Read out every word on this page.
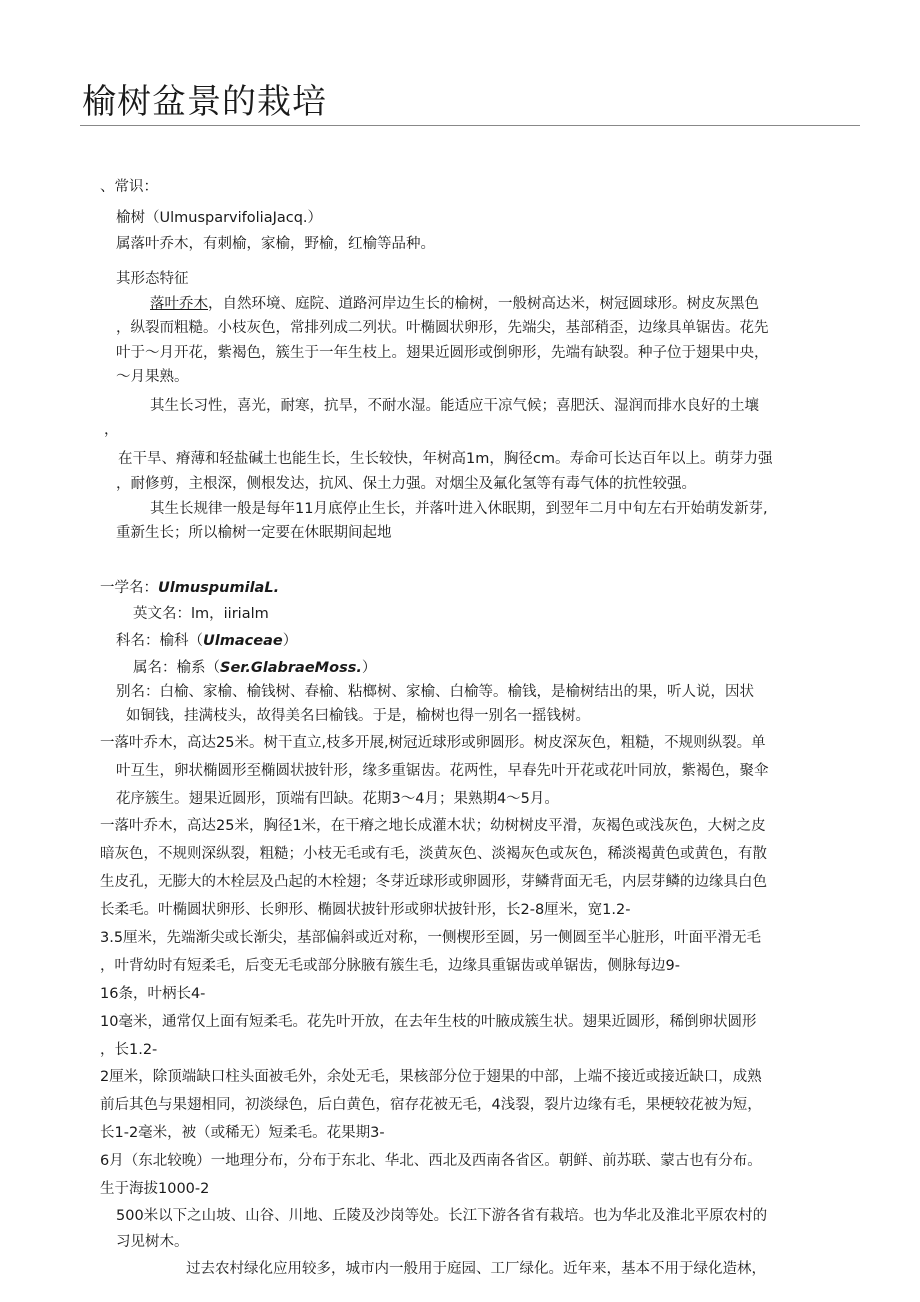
榆树盆景的栽培
、常识：
榆树（UlmusparvifoliaJacq.）
属落叶乔木，有刺榆，家榆，野榆，红榆等品种。
其形态特征
落叶乔木，自然环境、庭院、道路河岸边生长的榆树，一般树高达米，树冠圆球形。树皮灰黑色
，纵裂而粗糙。小枝灰色，常排列成二列状。叶椭圆状卵形，先端尖，基部稍歪，边缘具单锯齿。花先
叶于～月开花，紫褐色，簇生于一年生枝上。翅果近圆形或倒卵形，先端有缺裂。种子位于翅果中央，
～月果熟。
其生长习性，喜光，耐寒，抗旱，不耐水湿。能适应干凉气候；喜肥沃、湿润而排水良好的土壤
，
在干旱、瘠薄和轻盐碱土也能生长，生长较快，年树高1m，胸径cm。寿命可长达百年以上。萌芽力强
，耐修剪，主根深，侧根发达，抗风、保土力强。对烟尘及氟化氢等有毒气体的抗性较强。
其生长规律一般是每年11月底停止生长，并落叶进入休眠期，到翌年二月中旬左右开始萌发新芽,
重新生长；所以榆树一定要在休眠期间起地
一学名：UlmuspumilaL.
英文名：lm，iirialm
科名：榆科（Ulmaceae）
属名：榆系（Ser.GlabraeMoss.）
别名：白榆、家榆、榆钱树、春榆、粘榔树、家榆、白榆等。榆钱，是榆树结出的果，听人说，因状
如铜钱，挂满枝头，故得美名曰榆钱。于是，榆树也得一别名一摇钱树。
一落叶乔木，高达25米。树干直立,枝多开展,树冠近球形或卵圆形。树皮深灰色，粗糙，不规则纵裂。单
叶互生，卵状椭圆形至椭圆状披针形，缘多重锯齿。花两性，早春先叶开花或花叶同放，紫褐色，聚伞
花序簇生。翅果近圆形，顶端有凹缺。花期3～4月；果熟期4～5月。
一落叶乔木，高达25米，胸径1米，在干瘠之地长成灌木状；幼树树皮平滑，灰褐色或浅灰色，大树之皮
暗灰色，不规则深纵裂，粗糙；小枝无毛或有毛，淡黄灰色、淡褐灰色或灰色，稀淡褐黄色或黄色，有散
生皮孔，无膨大的木栓层及凸起的木栓翅；冬芽近球形或卵圆形，芽鳞背面无毛，内层芽鳞的边缘具白色
长柔毛。叶椭圆状卵形、长卵形、椭圆状披针形或卵状披针形，长2-8厘米，宽1.2-
3.5厘米，先端渐尖或长渐尖，基部偏斜或近对称，一侧楔形至圆，另一侧圆至半心脏形，叶面平滑无毛
，叶背幼时有短柔毛，后变无毛或部分脉腋有簇生毛，边缘具重锯齿或单锯齿，侧脉每边9-
16条，叶柄长4-
10毫米，通常仅上面有短柔毛。花先叶开放，在去年生枝的叶腋成簇生状。翅果近圆形，稀倒卵状圆形
，长1.2-
2厘米，除顶端缺口柱头面被毛外，余处无毛，果核部分位于翅果的中部，上端不接近或接近缺口，成熟
前后其色与果翅相同，初淡绿色，后白黄色，宿存花被无毛，4浅裂，裂片边缘有毛，果梗较花被为短，
长1-2毫米，被（或稀无）短柔毛。花果期3-
6月（东北较晚）一地理分布，分布于东北、华北、西北及西南各省区。朝鲜、前苏联、蒙古也有分布。
生于海拔1000-2
500米以下之山坡、山谷、川地、丘陵及沙岗等处。长江下游各省有栽培。也为华北及淮北平原农村的
习见树木。
过去农村绿化应用较多，城市内一般用于庭园、工厂绿化。近年来，基本不用于绿化造林，
